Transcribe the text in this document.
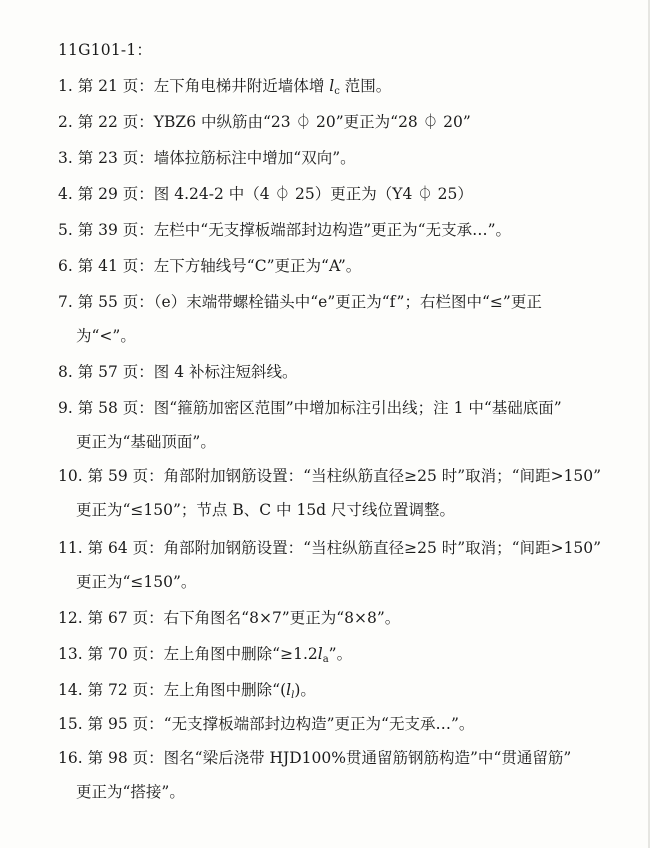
11G101-1：
1. 第 21 页：左下角电梯井附近墙体增 $l_c$ 范围。
2. 第 22 页：YBZ6 中纵筋由“23 ⏀ 20”更正为“28 ⏀ 20”
3. 第 23 页：墙体拉筋标注中增加“双向”。
4. 第 29 页：图 4.24-2 中（4 ⏀ 25）更正为（Y4 ⏀ 25）
5. 第 39 页：左栏中“无支撑板端部封边构造”更正为“无支承…”。
6. 第 41 页：左下方轴线号“C”更正为“A”。
7. 第 55 页：（e）末端带螺栓锚头中“e”更正为“f”；右栏图中“≤”更正
为“<”。
8. 第 57 页：图 4 补标注短斜线。
9. 第 58 页：图“箍筋加密区范围”中增加标注引出线；注 1 中“基础底面”
更正为“基础顶面”。
10. 第 59 页：角部附加钢筋设置：“当柱纵筋直径≥25 时”取消；“间距>150”
更正为“≤150”；节点 B、C 中 15d 尺寸线位置调整。
11. 第 64 页：角部附加钢筋设置：“当柱纵筋直径≥25 时”取消；“间距>150”
更正为“≤150”。
12. 第 67 页：右下角图名“8×7”更正为“8×8”。
13. 第 70 页：左上角图中删除“$\ge 1.2l_a$”。
14. 第 72 页：左上角图中删除“$(l_l)$。
15. 第 95 页：“无支撑板端部封边构造”更正为“无支承…”。
16. 第 98 页：图名“梁后浇带 HJD100%贯通留筋钢筋构造”中“贯通留筋”
更正为“搭接”。
